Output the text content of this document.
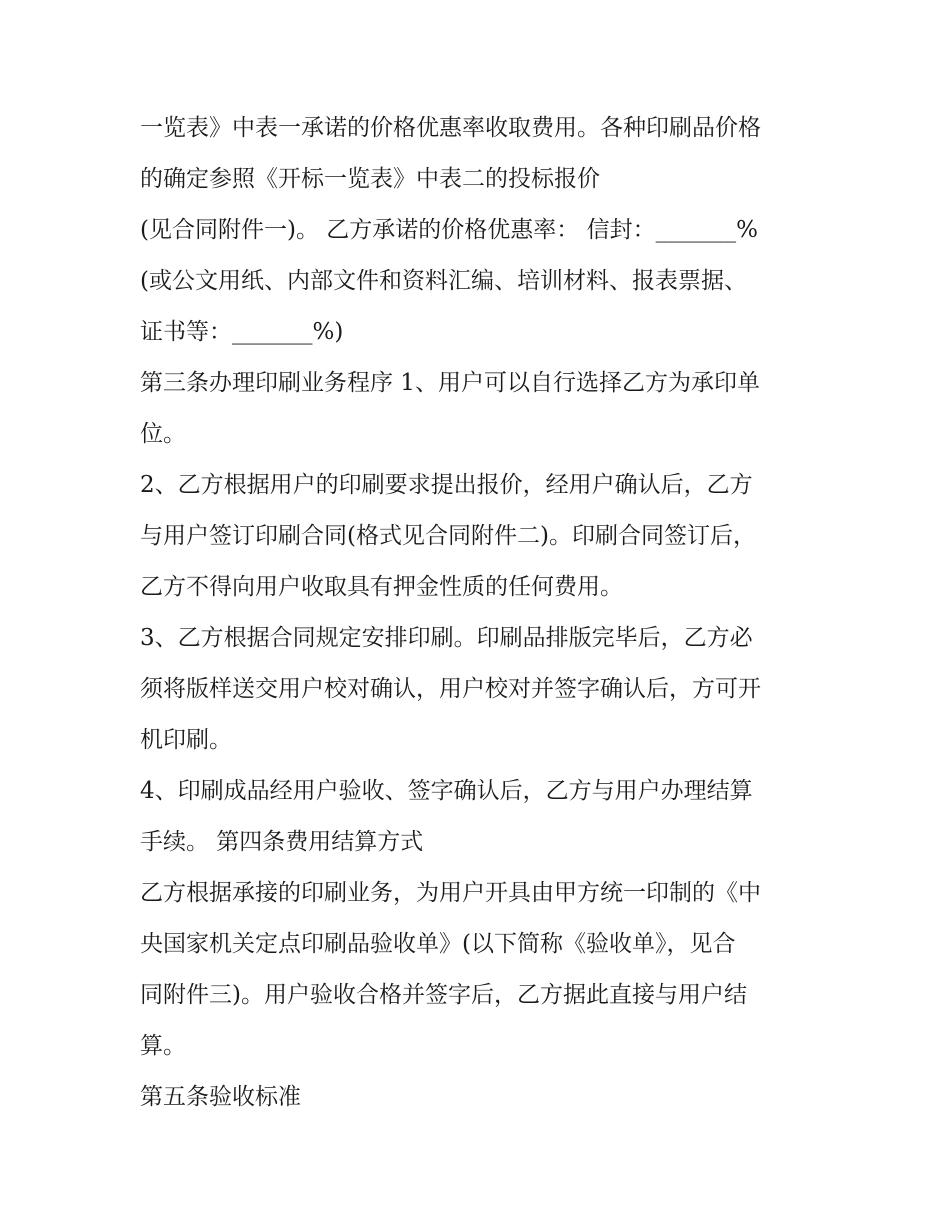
一览表》中表一承诺的价格优惠率收取费用。各种印刷品价格
的确定参照《开标一览表》中表二的投标报价
(见合同附件一)。 乙方承诺的价格优惠率： 信封：_______%
(或公文用纸、内部文件和资料汇编、培训材料、报表票据、
证书等：_______%)
第三条办理印刷业务程序 1、用户可以自行选择乙方为承印单
位。
2、乙方根据用户的印刷要求提出报价，经用户确认后，乙方
与用户签订印刷合同(格式见合同附件二)。印刷合同签订后，
乙方不得向用户收取具有押金性质的任何费用。
3、乙方根据合同规定安排印刷。印刷品排版完毕后，乙方必
须将版样送交用户校对确认，用户校对并签字确认后，方可开
机印刷。
4、印刷成品经用户验收、签字确认后，乙方与用户办理结算
手续。 第四条费用结算方式
乙方根据承接的印刷业务，为用户开具由甲方统一印制的《中
央国家机关定点印刷品验收单》(以下简称《验收单》，见合
同附件三)。用户验收合格并签字后，乙方据此直接与用户结
算。
第五条验收标准
